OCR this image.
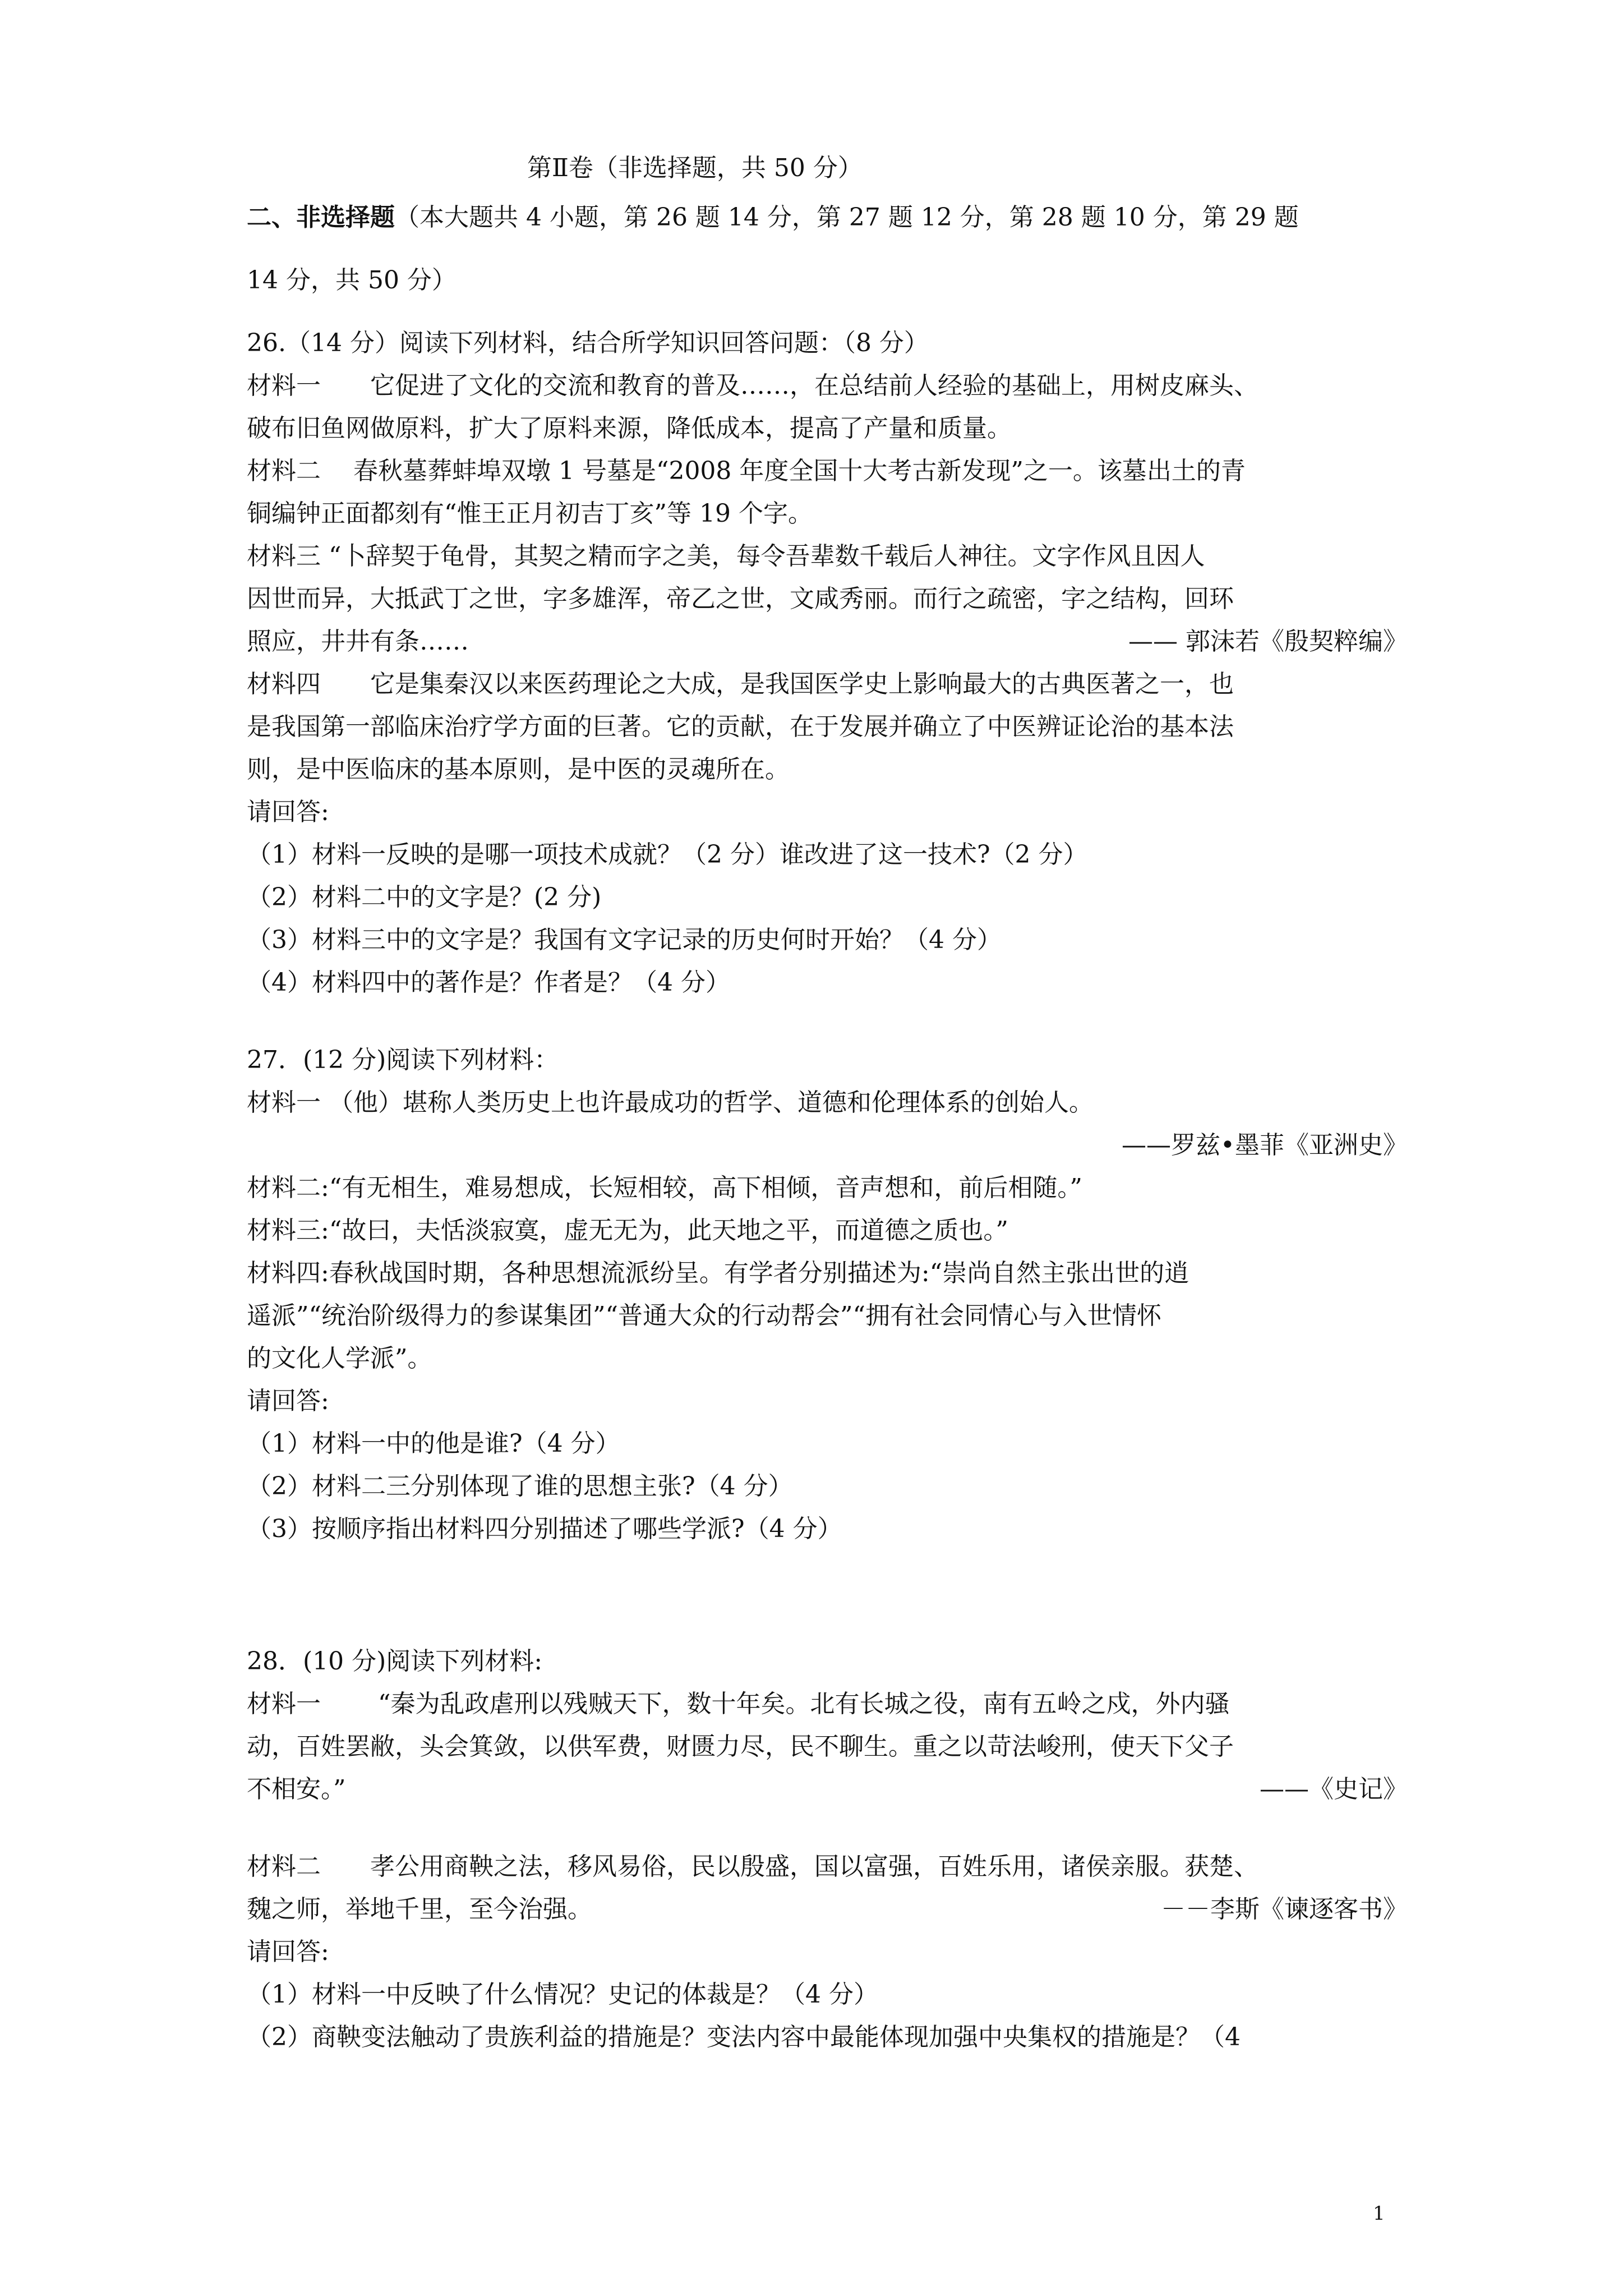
第Ⅱ卷（非选择题，共 50 分）
二、非选择题（本大题共 4 小题，第 26 题 14 分，第 27 题 12 分，第 28 题 10 分，第 29 题
14 分，共 50 分）
26.（14 分）阅读下列材料，结合所学知识回答问题：（8 分）
材料一　　它促进了文化的交流和教育的普及……，在总结前人经验的基础上，用树皮麻头、
破布旧鱼网做原料，扩大了原料来源，降低成本，提高了产量和质量。
材料二　 春秋墓葬蚌埠双墩 1 号墓是“2008 年度全国十大考古新发现”之一。该墓出土的青
铜编钟正面都刻有“惟王正月初吉丁亥”等 19 个字。
材料三 “卜辞契于龟骨，其契之精而字之美，每令吾辈数千载后人神往。文字作风且因人
因世而异，大抵武丁之世，字多雄浑，帝乙之世，文咸秀丽。而行之疏密，字之结构，回环
照应，井井有条……	—— 郭沫若《殷契粹编》
材料四　　它是集秦汉以来医药理论之大成，是我国医学史上影响最大的古典医著之一，也
是我国第一部临床治疗学方面的巨著。它的贡献，在于发展并确立了中医辨证论治的基本法
则，是中医临床的基本原则，是中医的灵魂所在。
请回答:
（1）材料一反映的是哪一项技术成就？（2 分）谁改进了这一技术?（2 分）
（2）材料二中的文字是？(2 分)
（3）材料三中的文字是？我国有文字记录的历史何时开始？（4 分）
（4）材料四中的著作是？作者是？（4 分）
27．(12 分)阅读下列材料：
材料一 （他）堪称人类历史上也许最成功的哲学、道德和伦理体系的创始人。
——罗兹•墨菲《亚洲史》
材料二:“有无相生，难易想成，长短相较，高下相倾，音声想和，前后相随。”
材料三:“故曰，夫恬淡寂寞，虚无无为，此天地之平，而道德之质也。”
材料四:春秋战国时期，各种思想流派纷呈。有学者分别描述为:“崇尚自然主张出世的逍
遥派”“统治阶级得力的参谋集团”“普通大众的行动帮会”“拥有社会同情心与入世情怀
的文化人学派”。
请回答:
（1）材料一中的他是谁?（4 分）
（2）材料二三分别体现了谁的思想主张?（4 分）
（3）按顺序指出材料四分别描述了哪些学派?（4 分）
28．(10 分)阅读下列材料:
材料一　　 “秦为乱政虐刑以残贼天下，数十年矣。北有长城之役，南有五岭之戍，外内骚
动，百姓罢敝，头会箕敛，以供军费，财匮力尽，民不聊生。重之以苛法峻刑，使天下父子
不相安。”	——《史记》
材料二　　孝公用商鞅之法，移风易俗，民以殷盛，国以富强，百姓乐用，诸侯亲服。获楚、
魏之师，举地千里，至今治强。	－－李斯《谏逐客书》
请回答:
（1）材料一中反映了什么情况？史记的体裁是？（4 分）
（2）商鞅变法触动了贵族利益的措施是？变法内容中最能体现加强中央集权的措施是？（4
1
